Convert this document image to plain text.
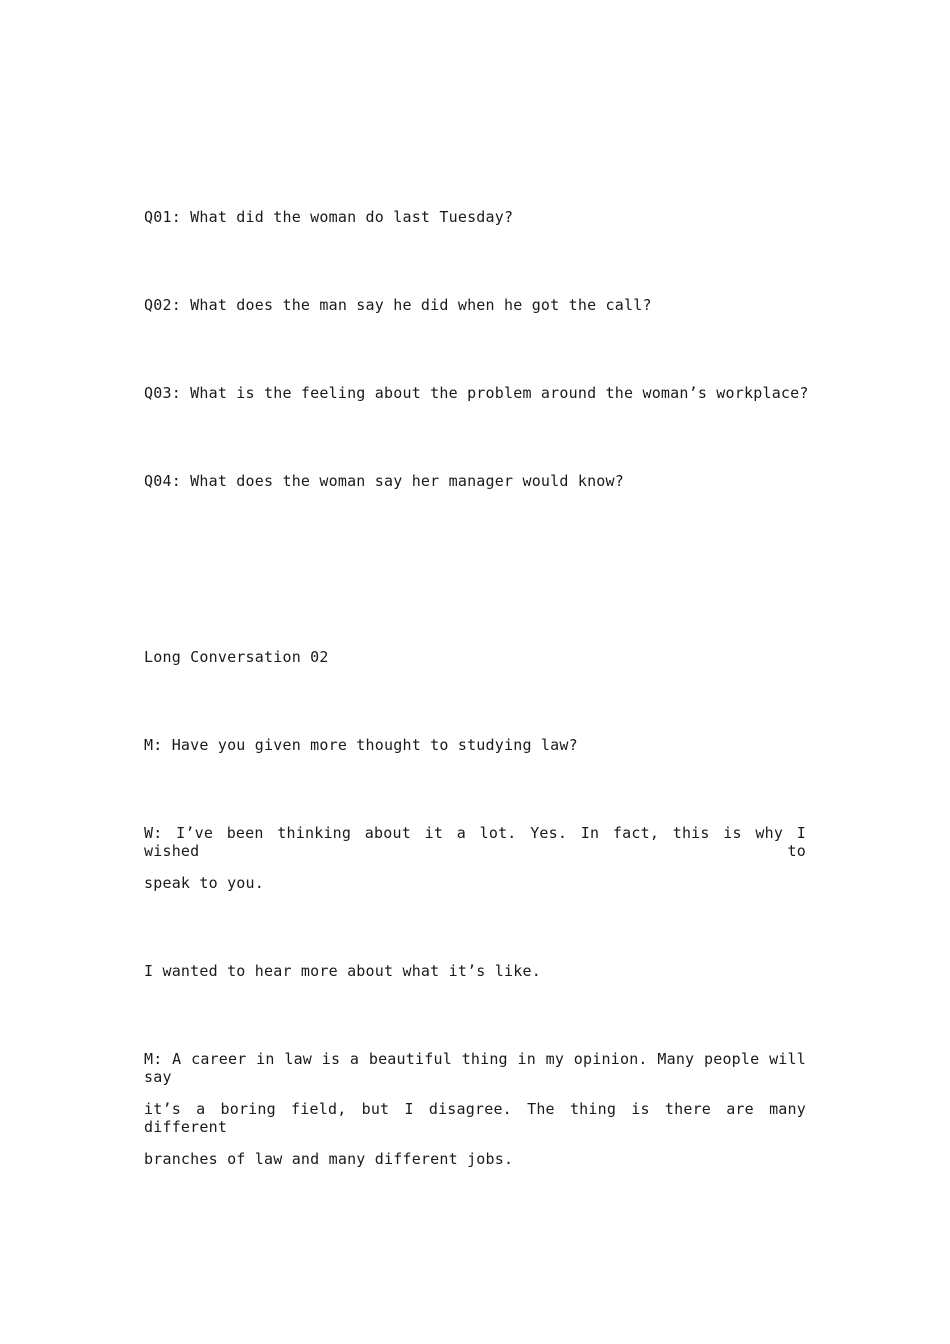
Q01: What did the woman do last Tuesday?
Q02: What does the man say he did when he got the call?
Q03: What is the feeling about the problem around the woman’s workplace?
Q04: What does the woman say her manager would know?
Long Conversation 02
M: Have you given more thought to studying law?
W: I’ve been thinking about it a lot. Yes. In fact, this is why I wished to
speak to you.
I wanted to hear more about what it’s like.
M: A career in law is a beautiful thing in my opinion. Many people will say
it’s a boring field, but I disagree. The thing is there are many different
branches of law and many different jobs.
